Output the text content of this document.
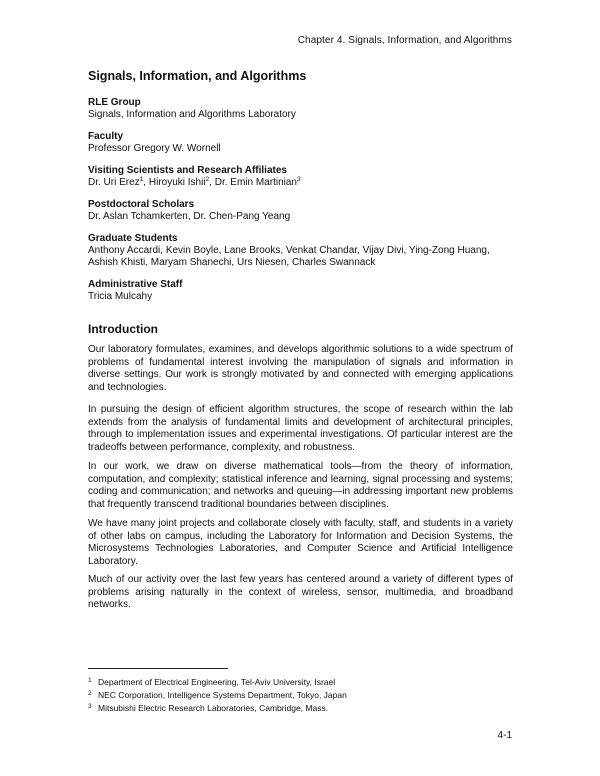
Chapter 4. Signals, Information, and Algorithms
Signals, Information, and Algorithms
RLE Group
Signals, Information and Algorithms Laboratory
Faculty
Professor Gregory W. Wornell
Visiting Scientists and Research Affiliates
Dr. Uri Erez$^1$, Hiroyuki Ishii$^2$, Dr. Emin Martinian$^3$
Postdoctoral Scholars
Dr. Aslan Tchamkerten, Dr. Chen-Pang Yeang
Graduate Students
Anthony Accardi, Kevin Boyle, Lane Brooks, Venkat Chandar, Vijay Divi, Ying-Zong Huang,
Ashish Khisti, Maryam Shanechi, Urs Niesen, Charles Swannack
Administrative Staff
Tricia Mulcahy
Introduction

Our laboratory formulates, examines, and develops algorithmic solutions to a wide spectrum of problems of fundamental interest involving the manipulation of signals and information in diverse settings. Our work is strongly motivated by and connected with emerging applications and technologies.

In pursuing the design of efficient algorithm structures, the scope of research within the lab extends from the analysis of fundamental limits and development of architectural principles, through to implementation issues and experimental investigations. Of particular interest are the tradeoffs between performance, complexity, and robustness.

In our work, we draw on diverse mathematical tools—from the theory of information, computation, and complexity; statistical inference and learning, signal processing and systems; coding and communication; and networks and queuing—in addressing important new problems that frequently transcend traditional boundaries between disciplines.

We have many joint projects and collaborate closely with faculty, staff, and students in a variety of other labs on campus, including the Laboratory for Information and Decision Systems, the Microsystems Technologies Laboratories, and Computer Science and Artificial Intelligence Laboratory.

Much of our activity over the last few years has centered around a variety of different types of problems arising naturally in the context of wireless, sensor, multimedia, and broadband networks.

1 Department of Electrical Engineering, Tel-Aviv University, Israel
2 NEC Corporation, Intelligence Systems Department, Tokyo, Japan
3 Mitsubishi Electric Research Laboratories, Cambridge, Mass.
4-1
